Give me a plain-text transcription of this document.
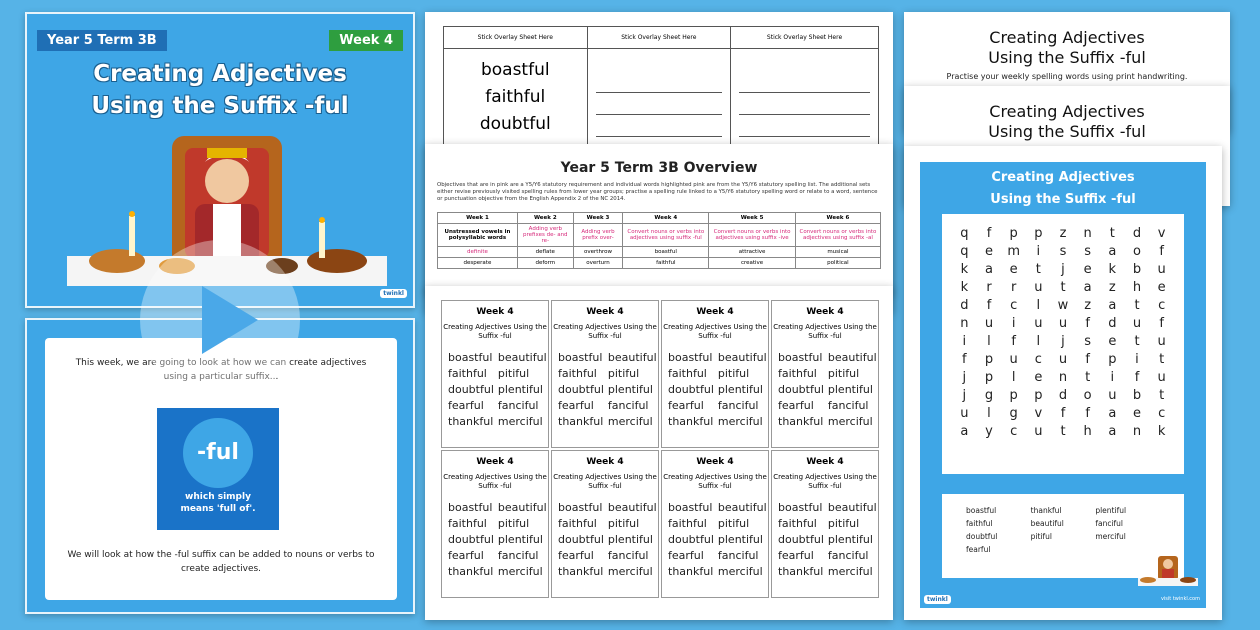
Year 5 Term 3B	Week 4
Creating Adjectives
Using the Suffix -ful
twinkl
This week, we are going to look at how we can create adjectives
using a particular suffix...
-ful
which simply
means 'full of'.
We will look at how the -ful suffix can be added to nouns or verbs to
create adjectives.
Stick Overlay Sheet Here	Stick Overlay Sheet Here	Stick Overlay Sheet Here

boastful
faithful
doubtful		

Year 5 Term 3B Overview
Objectives that are in pink are a Y5/Y6 statutory requirement and individual words highlighted pink are from the Y5/Y6 statutory spelling list. The additional sets either revise previously visited spelling rules from lower year groups; practise a spelling rule linked to a Y5/Y6 statutory spelling word or relate to a word, sentence or punctuation objective from the English Appendix 2 of the NC 2014.
Week 1	Week 2	Week 3	Week 4	Week 5	Week 6
Unstressed vowels in polysyllabic words	Adding verb prefixes de- and re-	Adding verb prefix over-	Convert nouns or verbs into adjectives using suffix -ful	Convert nouns or verbs into adjectives using suffix -ive	Convert nouns or verbs into adjectives using suffix -al
definite	deflate	overthrow	boastful	attractive	musical
desperate	deform	overturn	faithful	creative	political
Week 4
Creating Adjectives Using the Suffix -ful
boastful beautiful
faithful	pitiful
doubtful plentiful
fearful	fanciful
thankful merciful
Week 4
Creating Adjectives Using the Suffix -ful
boastful beautiful
faithful	pitiful
doubtful plentiful
fearful	fanciful
thankful merciful
Week 4
Creating Adjectives Using the Suffix -ful
boastful beautiful
faithful	pitiful
doubtful plentiful
fearful	fanciful
thankful merciful
Week 4
Creating Adjectives Using the Suffix -ful
boastful beautiful
faithful	pitiful
doubtful plentiful
fearful	fanciful
thankful merciful
Week 4
Creating Adjectives Using the Suffix -ful
boastful beautiful
faithful	pitiful
doubtful plentiful
fearful	fanciful
thankful merciful
Week 4
Creating Adjectives Using the Suffix -ful
boastful beautiful
faithful	pitiful
doubtful plentiful
fearful	fanciful
thankful merciful
Week 4
Creating Adjectives Using the Suffix -ful
boastful beautiful
faithful	pitiful
doubtful plentiful
fearful	fanciful
thankful merciful
Week 4
Creating Adjectives Using the Suffix -ful
boastful beautiful
faithful	pitiful
doubtful plentiful
fearful	fanciful
thankful merciful
Creating Adjectives
Using the Suffix -ful
Practise your weekly spelling words using print handwriting.
Creating Adjectives
Using the Suffix -ful
Creating Adjectives
Using the Suffix -ful
q	f	p	p	z	n	t	d	v
q	e	m	i	s	s	a	o	f
k	a	e	t	j	e	k	b	u
k	r	r	u	t	a	z	h	e
d	f	c	l	w	z	a	t	c
n	u	i	u	u	f	d	u	f
i	l	f	l	j	s	e	t	u
f	p	u	c	u	f	p	i	t
j	p	l	e	n	t	i	f	u
j	g	p	p	d	o	u	b	t
u	l	g	v	f	f	a	e	c
a	y	c	u	t	h	a	n	k
boastful	thankful	plentiful
faithful	beautiful	fanciful
doubtful	pitiful	merciful
fearful
twinkl	visit twinkl.com
